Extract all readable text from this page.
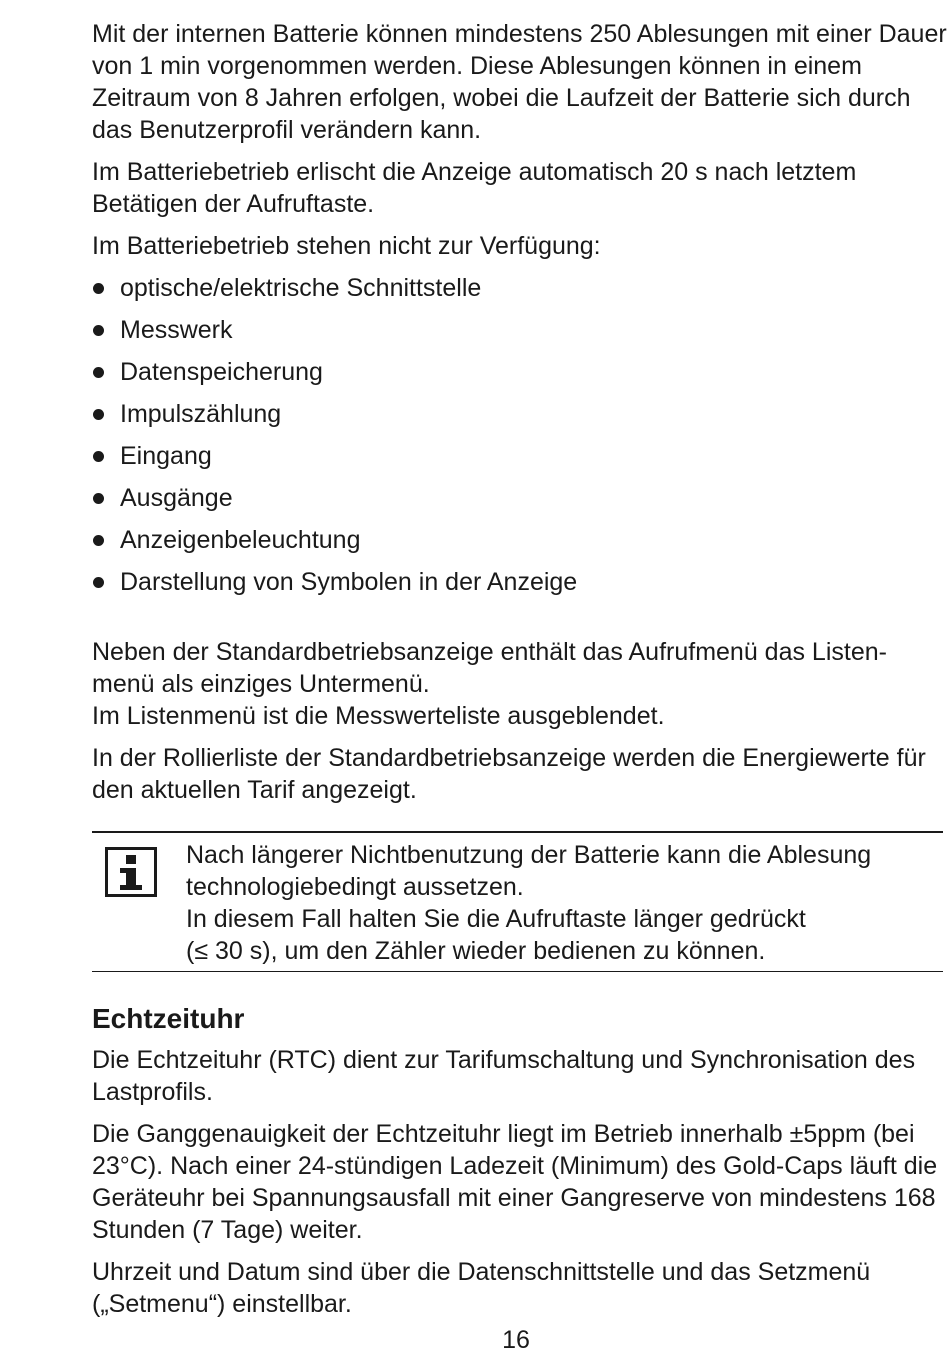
Mit der internen Batterie können mindestens 250 Ablesungen mit einer Dauer von 1 min vorgenommen werden. Diese Ablesungen können in einem Zeitraum von 8 Jahren erfolgen, wobei die Laufzeit der Batterie sich durch das Benutzerprofil verändern kann.

Im Batteriebetrieb erlischt die Anzeige automatisch 20 s nach letztem Betätigen der Aufruftaste.

Im Batteriebetrieb stehen nicht zur Verfügung:

optische/elektrische Schnittstelle
Messwerk
Datenspeicherung
Impulszählung
Eingang
Ausgänge
Anzeigenbeleuchtung
Darstellung von Symbolen in der Anzeige

Neben der Standardbetriebsanzeige enthält das Aufrufmenü das Listen-

menü als einziges Untermenü.

Im Listenmenü ist die Messwerteliste ausgeblendet.

In der Rollierliste der Standardbetriebsanzeige werden die Energiewerte für den aktuellen Tarif angezeigt.

Nach längerer Nichtbenutzung der Batterie kann die Ablesung

technologiebedingt aussetzen.

In diesem Fall halten Sie die Aufruftaste länger gedrückt

(≤ 30 s), um den Zähler wieder bedienen zu können.

Echtzeituhr

Die Echtzeituhr (RTC) dient zur Tarifumschaltung und Synchronisation des Lastprofils.

Die Ganggenauigkeit der Echtzeituhr liegt im Betrieb innerhalb ±5ppm (bei 23°C). Nach einer 24-stündigen Ladezeit (Minimum) des Gold-Caps läuft die Geräteuhr bei Spannungsausfall mit einer Gangreserve von mindestens 168 Stunden (7 Tage) weiter.

Uhrzeit und Datum sind über die Datenschnittstelle und das Setzmenü („Setmenu“) einstellbar.

16
